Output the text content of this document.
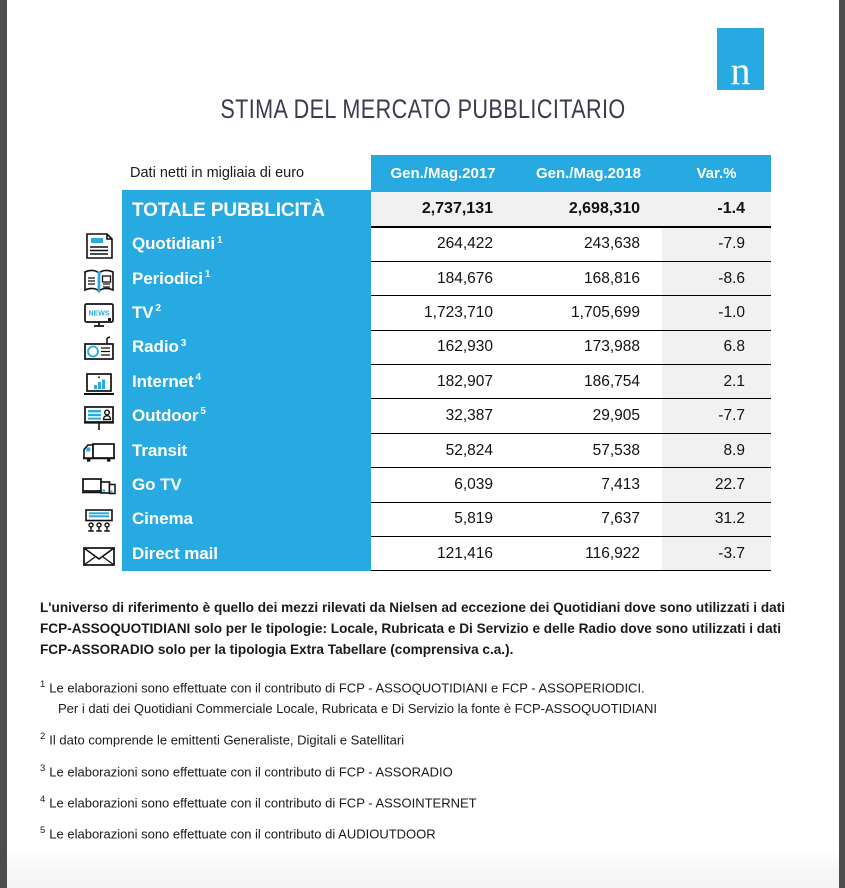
n
STIMA DEL MERCATO PUBBLICITARIO
NEWS
Dati netti in migliaia di euro	Gen./Mag.2017	Gen./Mag.2018	Var.%
TOTALE PUBBLICITÀ	2,737,131	2,698,310	-1.4
Quotidiani $^1$	264,422	243,638	-7.9
Periodici $^1$	184,676	168,816	-8.6
TV $^2$	1,723,710	1,705,699	-1.0
Radio $^3$	162,930	173,988	6.8
Internet $^4$	182,907	186,754	2.1
Outdoor $^5$	32,387	29,905	-7.7
Transit	52,824	57,538	8.9
Go TV	6,039	7,413	22.7
Cinema	5,819	7,637	31.2
Direct mail	121,416	116,922	-3.7

L'universo di riferimento è quello dei mezzi rilevati da Nielsen ad eccezione dei Quotidiani dove sono utilizzati i dati FCP-ASSOQUOTIDIANI solo per le tipologie: Locale, Rubricata e Di Servizio e delle Radio dove sono utilizzati i dati FCP-ASSORADIO solo per la tipologia Extra Tabellare (comprensiva c.a.).

$^1$ Le elaborazioni sono effettuate con il contributo di FCP - ASSOQUOTIDIANI e FCP - ASSOPERIODICI.
Per i dati dei Quotidiani Commerciale Locale, Rubricata e Di Servizio la fonte è FCP-ASSOQUOTIDIANI

$^2$ Il dato comprende le emittenti Generaliste, Digitali e Satellitari

$^3$ Le elaborazioni sono effettuate con il contributo di FCP - ASSORADIO

$^4$ Le elaborazioni sono effettuate con il contributo di FCP - ASSOINTERNET

$^5$ Le elaborazioni sono effettuate con il contributo di AUDIOUTDOOR
